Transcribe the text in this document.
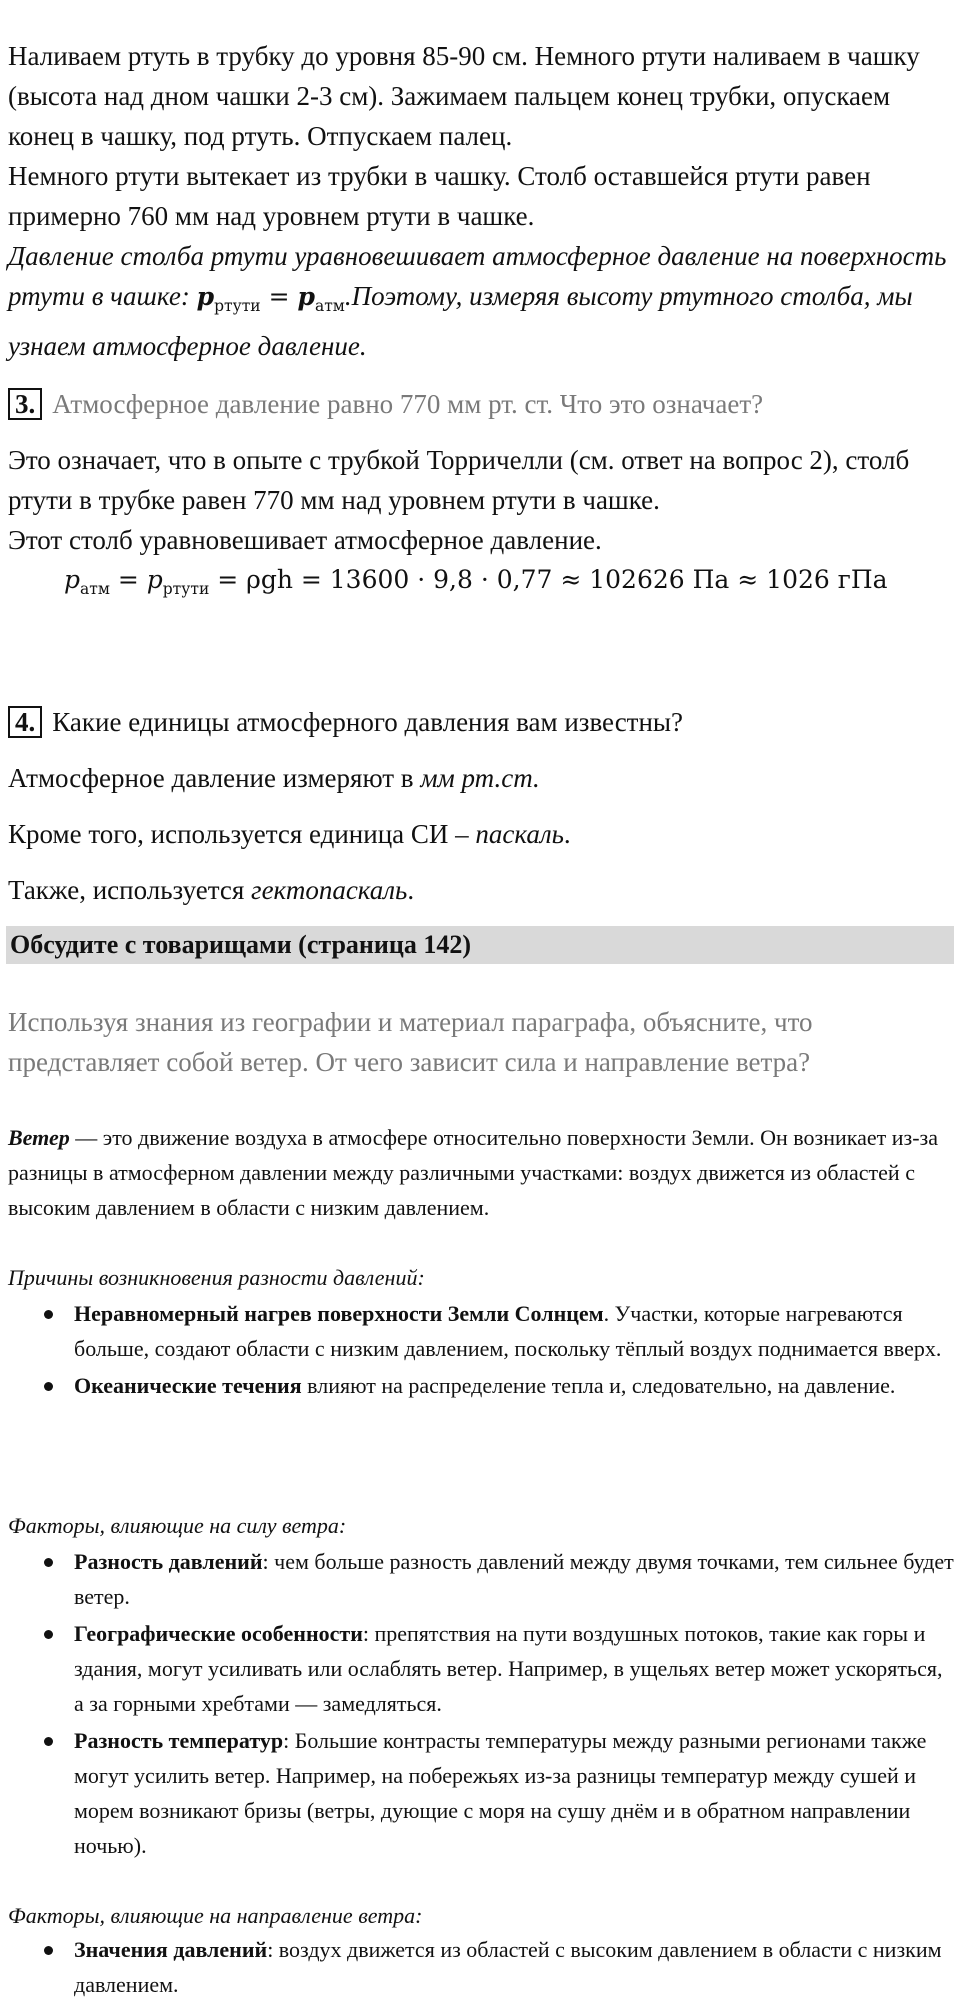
Наливаем ртуть в трубку до уровня 85-90 см. Немного ртути наливаем в чашку (высота над дном чашки 2-3 см). Зажимаем пальцем конец трубки, опускаем конец в чашку, под ртуть. Отпускаем палец.
Немного ртути вытекает из трубки в чашку. Столб оставшейся ртути равен примерно 760 мм над уровнем ртути в чашке.
Давление столба ртути уравновешивает атмосферное давление на поверхность ртути в чашке: $p_{ртути}$ = $p_{атм}.Поэтому$, измеряя высоту ртутного столба, мы узнаем атмосферное давление.
3. Атмосферное давление равно 770 мм рт. ст. Что это означает?
Это означает, что в опыте с трубкой Торричелли (см. ответ на вопрос 2), столб ртути в трубке равен 770 мм над уровнем ртути в чашке.
Этот столб уравновешивает атмосферное давление.
$p_{атм} = p_{ртути} = \rho gh = 13600 \cdot 9,8 \cdot 0,77 \approx 102626$ Па ≈ 1026 гПа
4. Какие единицы атмосферного давления вам известны?
Атмосферное давление измеряют в мм рт.ст.
Кроме того, используется единица СИ – паскаль.
Также, используется гектопаскаль.
Обсудите с товарищами (страница 142)
Используя знания из географии и материал параграфа, объясните, что представляет собой ветер. От чего зависит сила и направление ветра?
Ветер — это движение воздуха в атмосфере относительно поверхности Земли. Он возникает из-за разницы в атмосферном давлении между различными участками: воздух движется из областей с высоким давлением в области с низким давлением.
Причины возникновения разности давлений:
Неравномерный нагрев поверхности Земли Солнцем. Участки, которые нагреваются больше, создают области с низким давлением, поскольку тёплый воздух поднимается вверх.
Океанические течения влияют на распределение тепла и, следовательно, на давление.
Факторы, влияющие на силу ветра:
Разность давлений: чем больше разность давлений между двумя точками, тем сильнее будет ветер.
Географические особенности: препятствия на пути воздушных потоков, такие как горы и здания, могут усиливать или ослаблять ветер. Например, в ущельях ветер может ускоряться, а за горными хребтами — замедляться.
Разность температур: Большие контрасты температуры между разными регионами также могут усилить ветер. Например, на побережьях из-за разницы температур между сушей и морем возникают бризы (ветры, дующие с моря на сушу днём и в обратном направлении ночью).
Факторы, влияющие на направление ветра:
Значения давлений: воздух движется из областей с высоким давлением в области с низким давлением.
